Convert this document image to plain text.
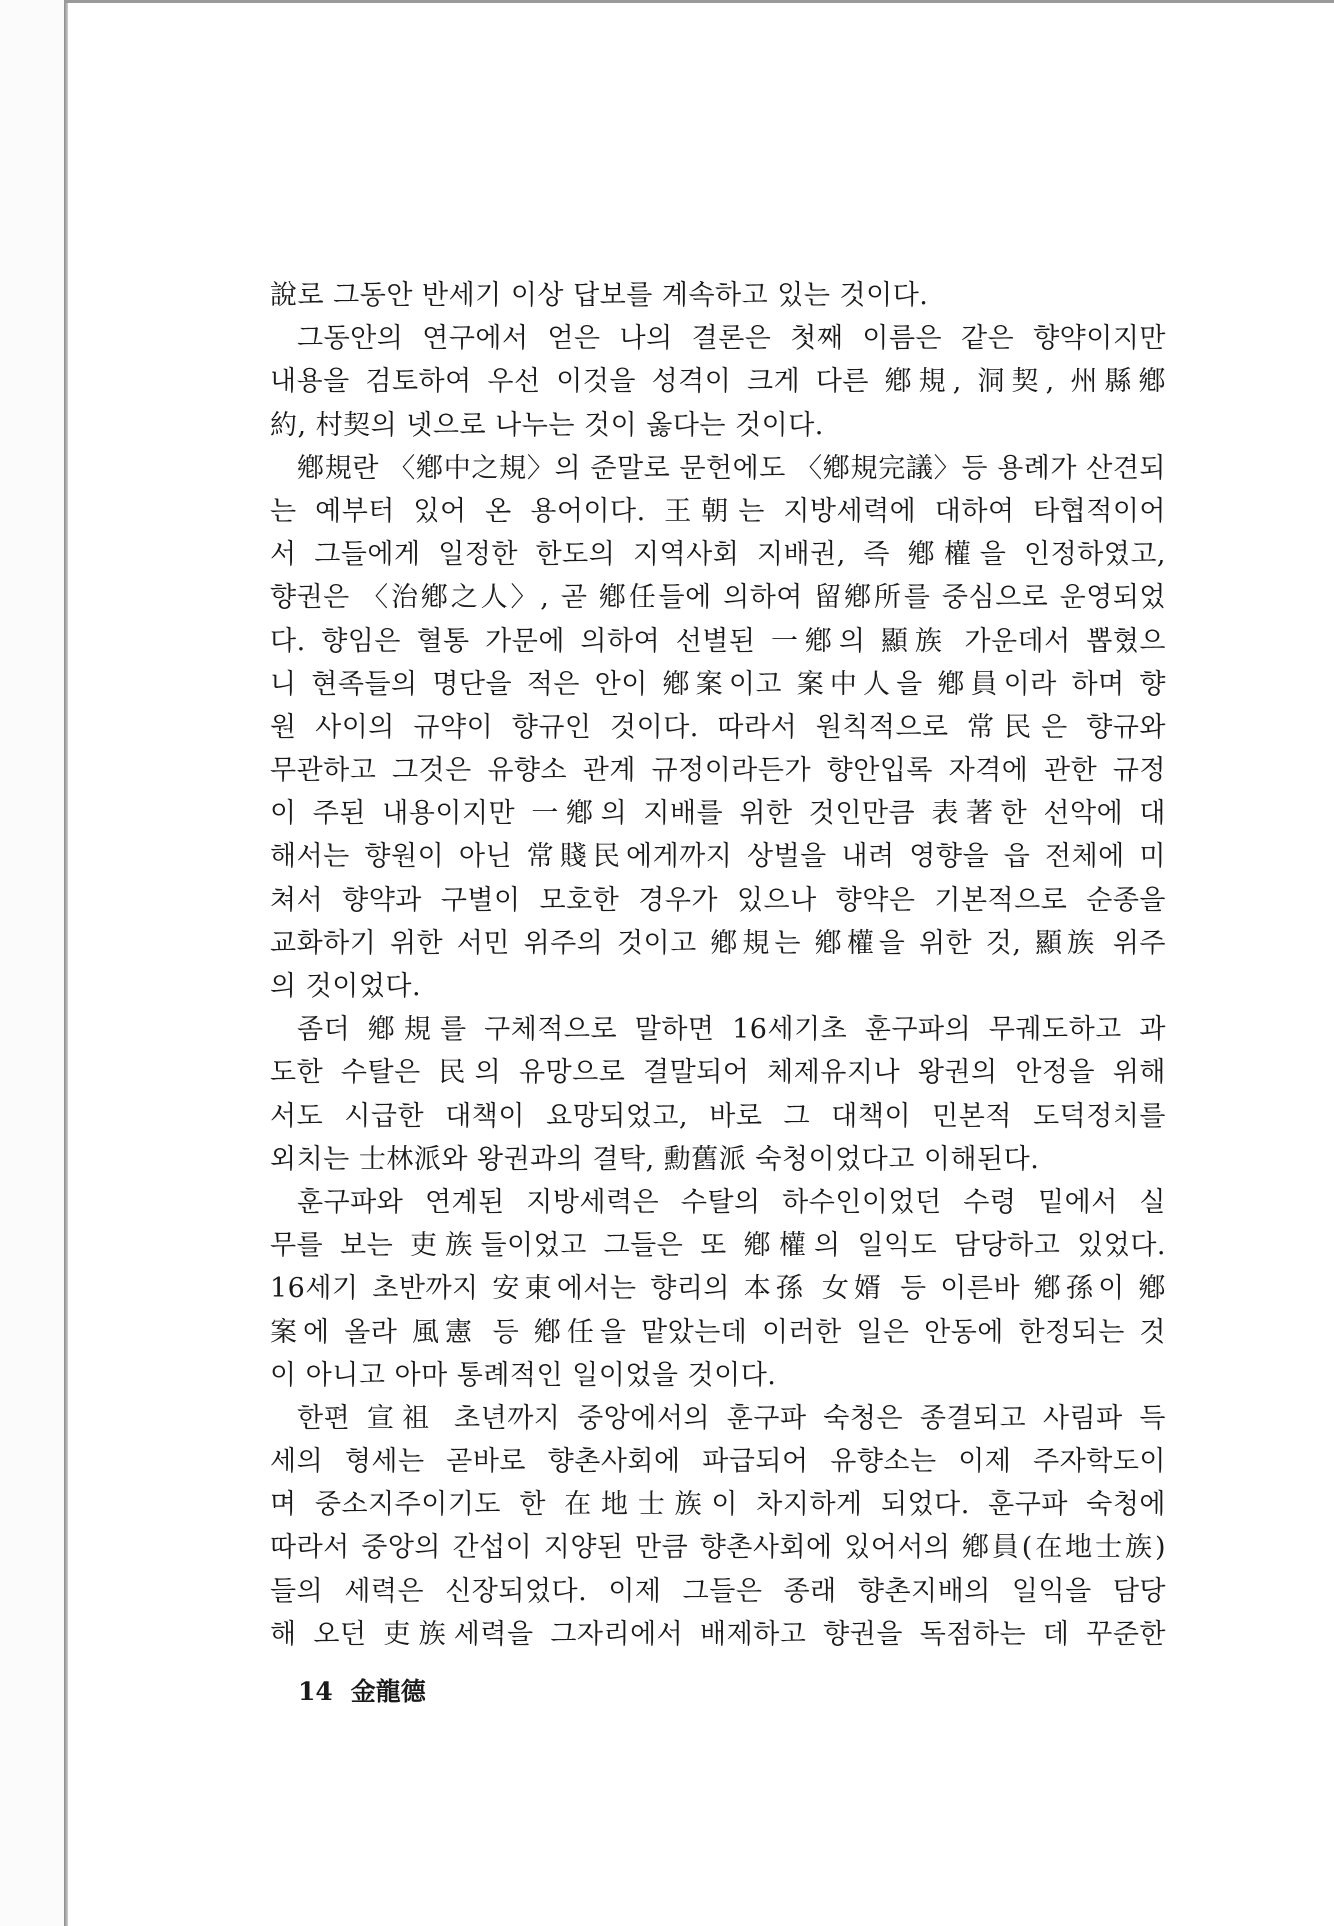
說로 그동안 반세기 이상 답보를 계속하고 있는 것이다.
그동안의 연구에서 얻은 나의 결론은 첫째 이름은 같은 향약이지만
내용을 검토하여 우선 이것을 성격이 크게 다른 鄕規, 洞契, 州縣鄕
約, 村契의 넷으로 나누는 것이 옳다는 것이다.
鄕規란 〈鄕中之規〉의 준말로 문헌에도 〈鄕規完議〉등 용례가 산견되
는 예부터 있어 온 용어이다. 王朝는 지방세력에 대하여 타협적이어
서 그들에게 일정한 한도의 지역사회 지배권, 즉 鄕權을 인정하였고,
향권은 〈治鄕之人〉, 곧 鄕任들에 의하여 留鄕所를 중심으로 운영되었
다. 향임은 혈통 가문에 의하여 선별된 一鄕의 顯族 가운데서 뽑혔으
니 현족들의 명단을 적은 안이 鄕案이고 案中人을 鄕員이라 하며 향
원 사이의 규약이 향규인 것이다. 따라서 원칙적으로 常民은 향규와
무관하고 그것은 유향소 관계 규정이라든가 향안입록 자격에 관한 규정
이 주된 내용이지만 一鄕의 지배를 위한 것인만큼 表著한 선악에 대
해서는 향원이 아닌 常賤民에게까지 상벌을 내려 영향을 읍 전체에 미
쳐서 향약과 구별이 모호한 경우가 있으나 향약은 기본적으로 순종을
교화하기 위한 서민 위주의 것이고 鄕規는 鄕權을 위한 것, 顯族 위주
의 것이었다.
좀더 鄕規를 구체적으로 말하면 16세기초 훈구파의 무궤도하고 과
도한 수탈은 民의 유망으로 결말되어 체제유지나 왕권의 안정을 위해
서도 시급한 대책이 요망되었고, 바로 그 대책이 민본적 도덕정치를
외치는 士林派와 왕권과의 결탁, 勳舊派 숙청이었다고 이해된다.
훈구파와 연계된 지방세력은 수탈의 하수인이었던 수령 밑에서 실
무를 보는 吏族들이었고 그들은 또 鄕權의 일익도 담당하고 있었다.
16세기 초반까지 安東에서는 향리의 本孫 女婿 등 이른바 鄕孫이 鄕
案에 올라 風憲 등 鄕任을 맡았는데 이러한 일은 안동에 한정되는 것
이 아니고 아마 통례적인 일이었을 것이다.
한편 宣祖 초년까지 중앙에서의 훈구파 숙청은 종결되고 사림파 득
세의 형세는 곧바로 향촌사회에 파급되어 유향소는 이제 주자학도이
며 중소지주이기도 한 在地士族이 차지하게 되었다. 훈구파 숙청에
따라서 중앙의 간섭이 지양된 만큼 향촌사회에 있어서의 鄕員(在地士族)
들의 세력은 신장되었다. 이제 그들은 종래 향촌지배의 일익을 담당
해 오던 吏族세력을 그자리에서 배제하고 향권을 독점하는 데 꾸준한
14 金龍德
